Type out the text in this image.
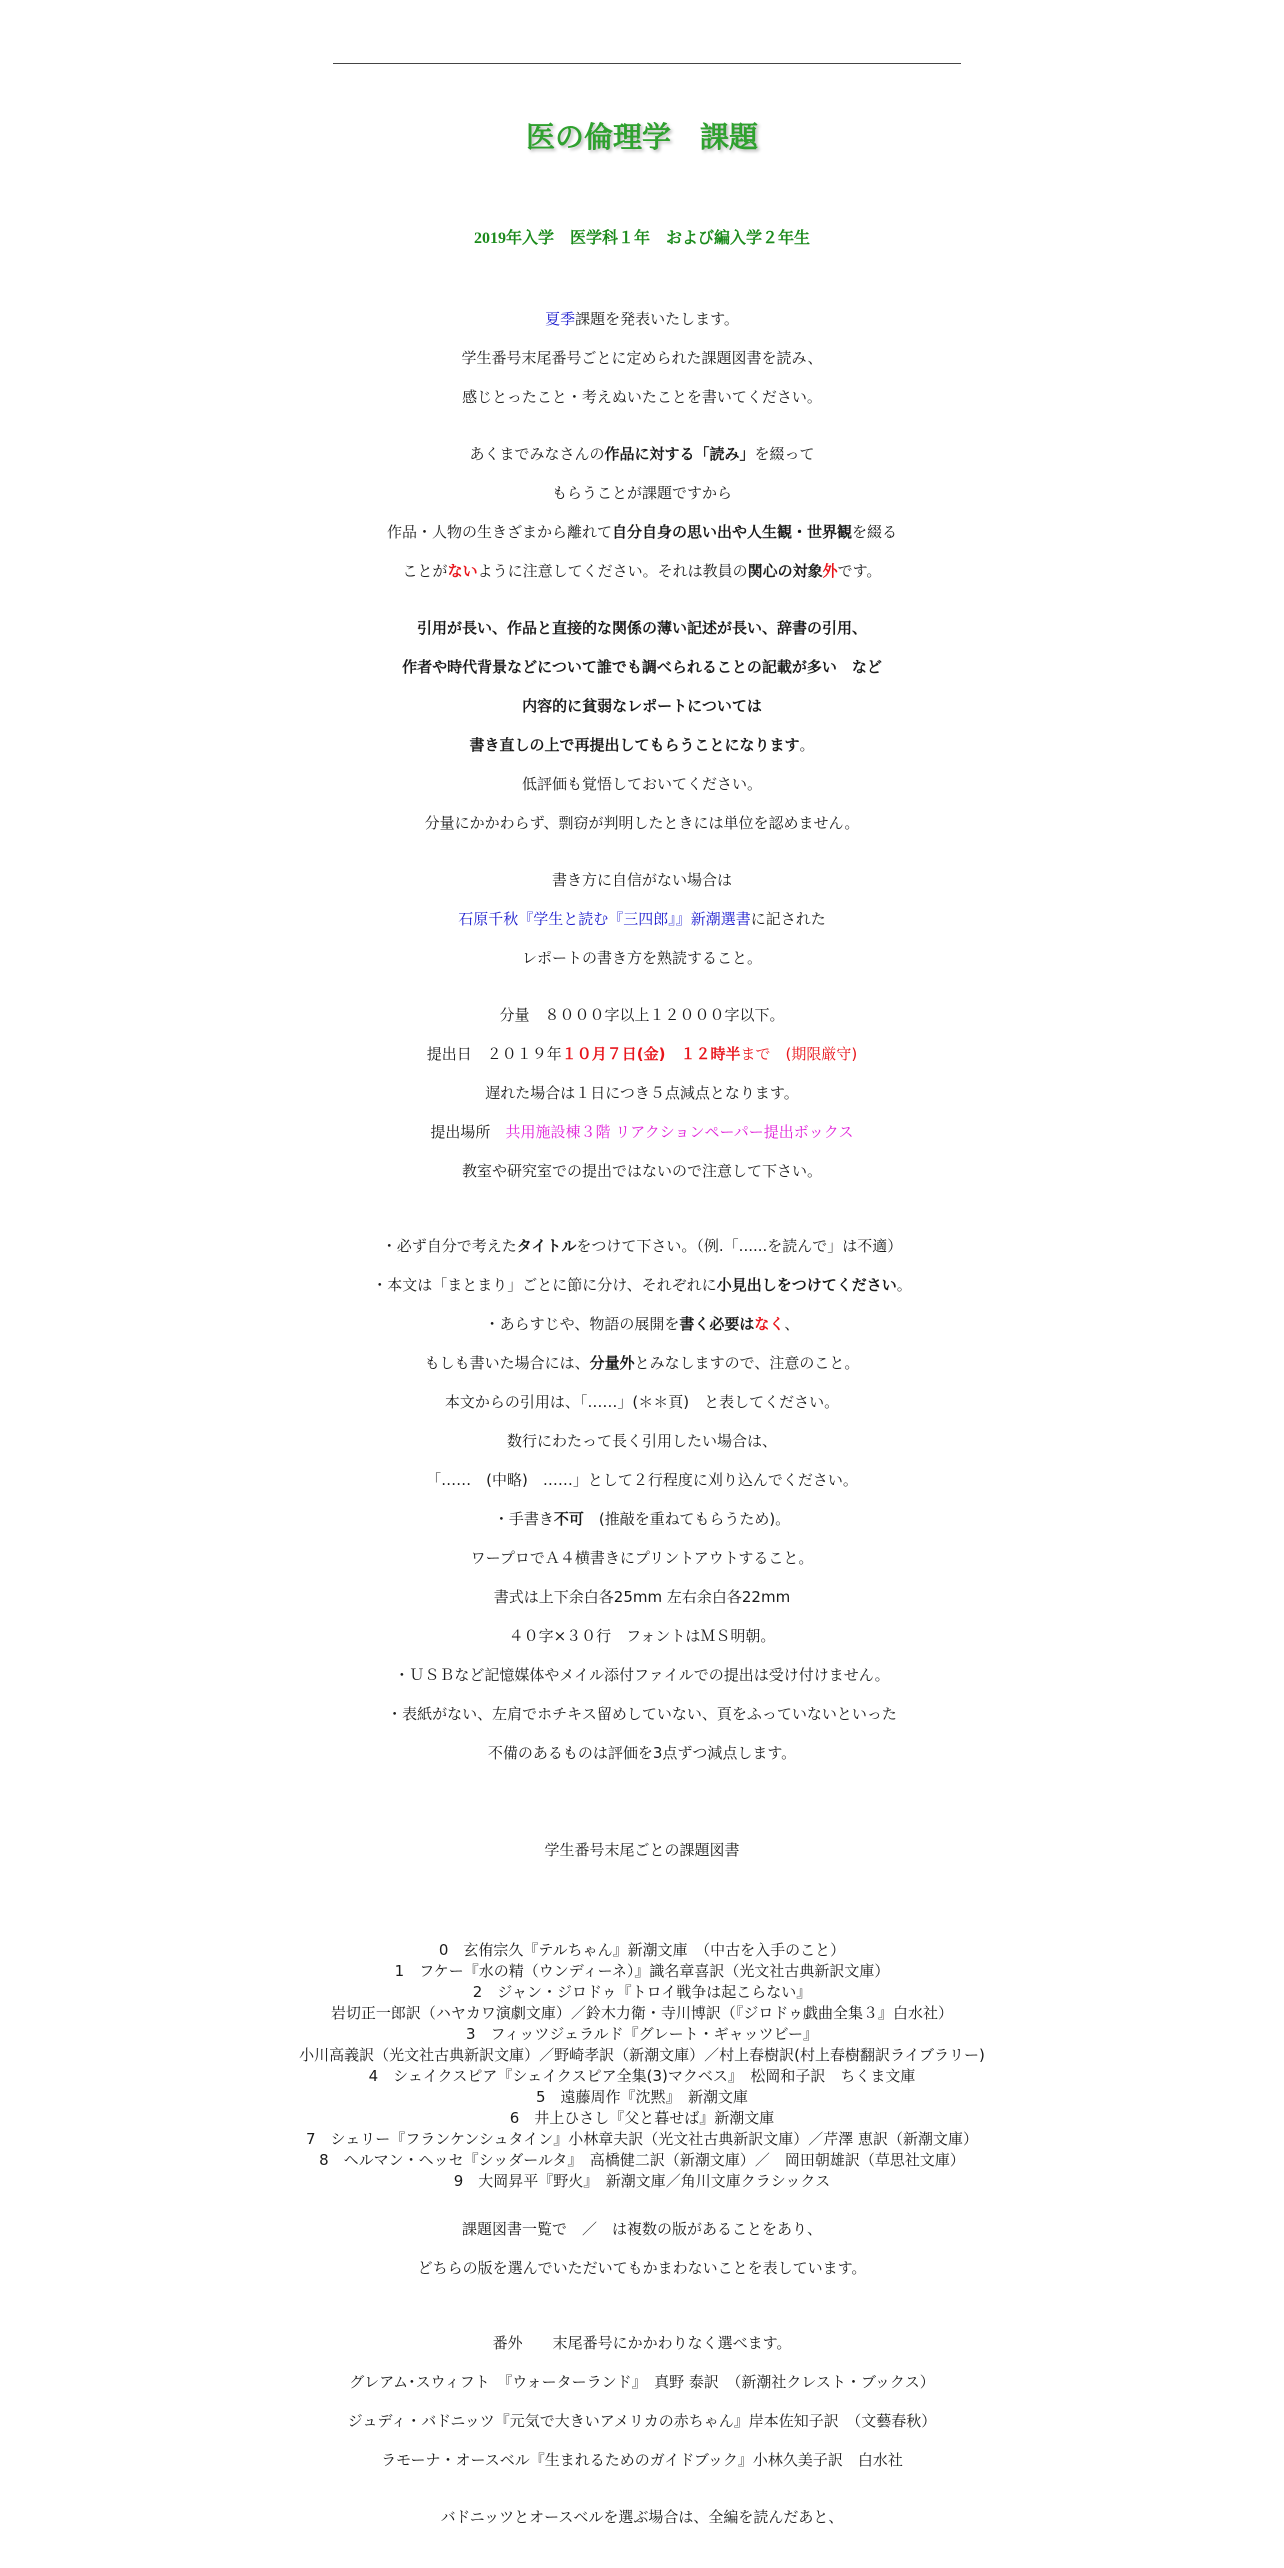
医の倫理学　課題
2019年入学　医学科１年　および編入学２年生

夏季課題を発表いたします。

学生番号末尾番号ごとに定められた課題図書を読み、

感じとったこと・考えぬいたことを書いてください。

あくまでみなさんの作品に対する「読み」を綴って

もらうことが課題ですから

作品・人物の生きざまから離れて自分自身の思い出や人生観・世界観を綴る

ことがないように注意してください。それは教員の関心の対象外です。

引用が長い、作品と直接的な関係の薄い記述が長い、辞書の引用、

作者や時代背景などについて誰でも調べられることの記載が多い　など

内容的に貧弱なレポートについては

書き直しの上で再提出してもらうことになります。

低評価も覚悟しておいてください。

分量にかかわらず、剽窃が判明したときには単位を認めません。

書き方に自信がない場合は

石原千秋『学生と読む『三四郎』』新潮選書に記された

レポートの書き方を熟読すること。

分量　８０００字以上１２０００字以下。

提出日　２０１９年１０月７日(金)　１２時半まで　(期限厳守)

遅れた場合は１日につき５点減点となります。

提出場所　共用施設棟３階 リアクションペーパー提出ボックス

教室や研究室での提出ではないので注意して下さい。

・必ず自分で考えたタイトルをつけて下さい。（例.「......を読んで」は不適）

・本文は「まとまり」ごとに節に分け、それぞれに小見出しをつけてください。

・あらすじや、物語の展開を書く必要はなく、

もしも書いた場合には、分量外とみなしますので、注意のこと。

本文からの引用は、「……」(＊＊頁)　と表してください。

数行にわたって長く引用したい場合は、

「……　(中略)　……」として２行程度に刈り込んでください。

・手書き不可　(推敲を重ねてもらうため)。

ワープロでＡ４横書きにプリントアウトすること。

書式は上下余白各25mm 左右余白各22mm

４０字×３０行　フォントはＭＳ明朝。

・ＵＳＢなど記憶媒体やメイル添付ファイルでの提出は受け付けません。

・表紙がない、左肩でホチキス留めしていない、頁をふっていないといった

不備のあるものは評価を3点ずつ減点します。

学生番号末尾ごとの課題図書

0　玄侑宗久『テルちゃん』新潮文庫　（中古を入手のこと）

1　フケー『水の精（ウンディーネ）』識名章喜訳（光文社古典新訳文庫）

2　ジャン・ジロドゥ『トロイ戦争は起こらない』

岩切正一郎訳（ハヤカワ演劇文庫）／鈴木力衛・寺川博訳（『ジロドゥ戯曲全集３』白水社）

3　フィッツジェラルド『グレート・ギャッツビー』

小川高義訳（光文社古典新訳文庫）／野崎孝訳（新潮文庫）／村上春樹訳(村上春樹翻訳ライブラリー)

4　シェイクスピア『シェイクスピア全集(3)マクベス』　松岡和子訳　ちくま文庫

5　遠藤周作『沈黙』　新潮文庫

6　井上ひさし『父と暮せば』新潮文庫

7　シェリー『フランケンシュタイン』小林章夫訳（光文社古典新訳文庫）／芹澤 恵訳（新潮文庫）

8　ヘルマン・ヘッセ『シッダールタ』　高橋健二訳（新潮文庫）／　岡田朝雄訳（草思社文庫）

9　大岡昇平『野火』　新潮文庫／角川文庫クラシックス

課題図書一覧で　／　は複数の版があることをあり、

どちらの版を選んでいただいてもかまわないことを表しています。

番外　　末尾番号にかかわりなく選べます。

グレアム･スウィフト　『ウォーターランド』　真野 泰訳　（新潮社クレスト・ブックス）

ジュディ・バドニッツ『元気で大きいアメリカの赤ちゃん』岸本佐知子訳　（文藝春秋）

ラモーナ・オースベル『生まれるためのガイドブック』小林久美子訳　白水社

バドニッツとオースベルを選ぶ場合は、全編を読んだあと、
